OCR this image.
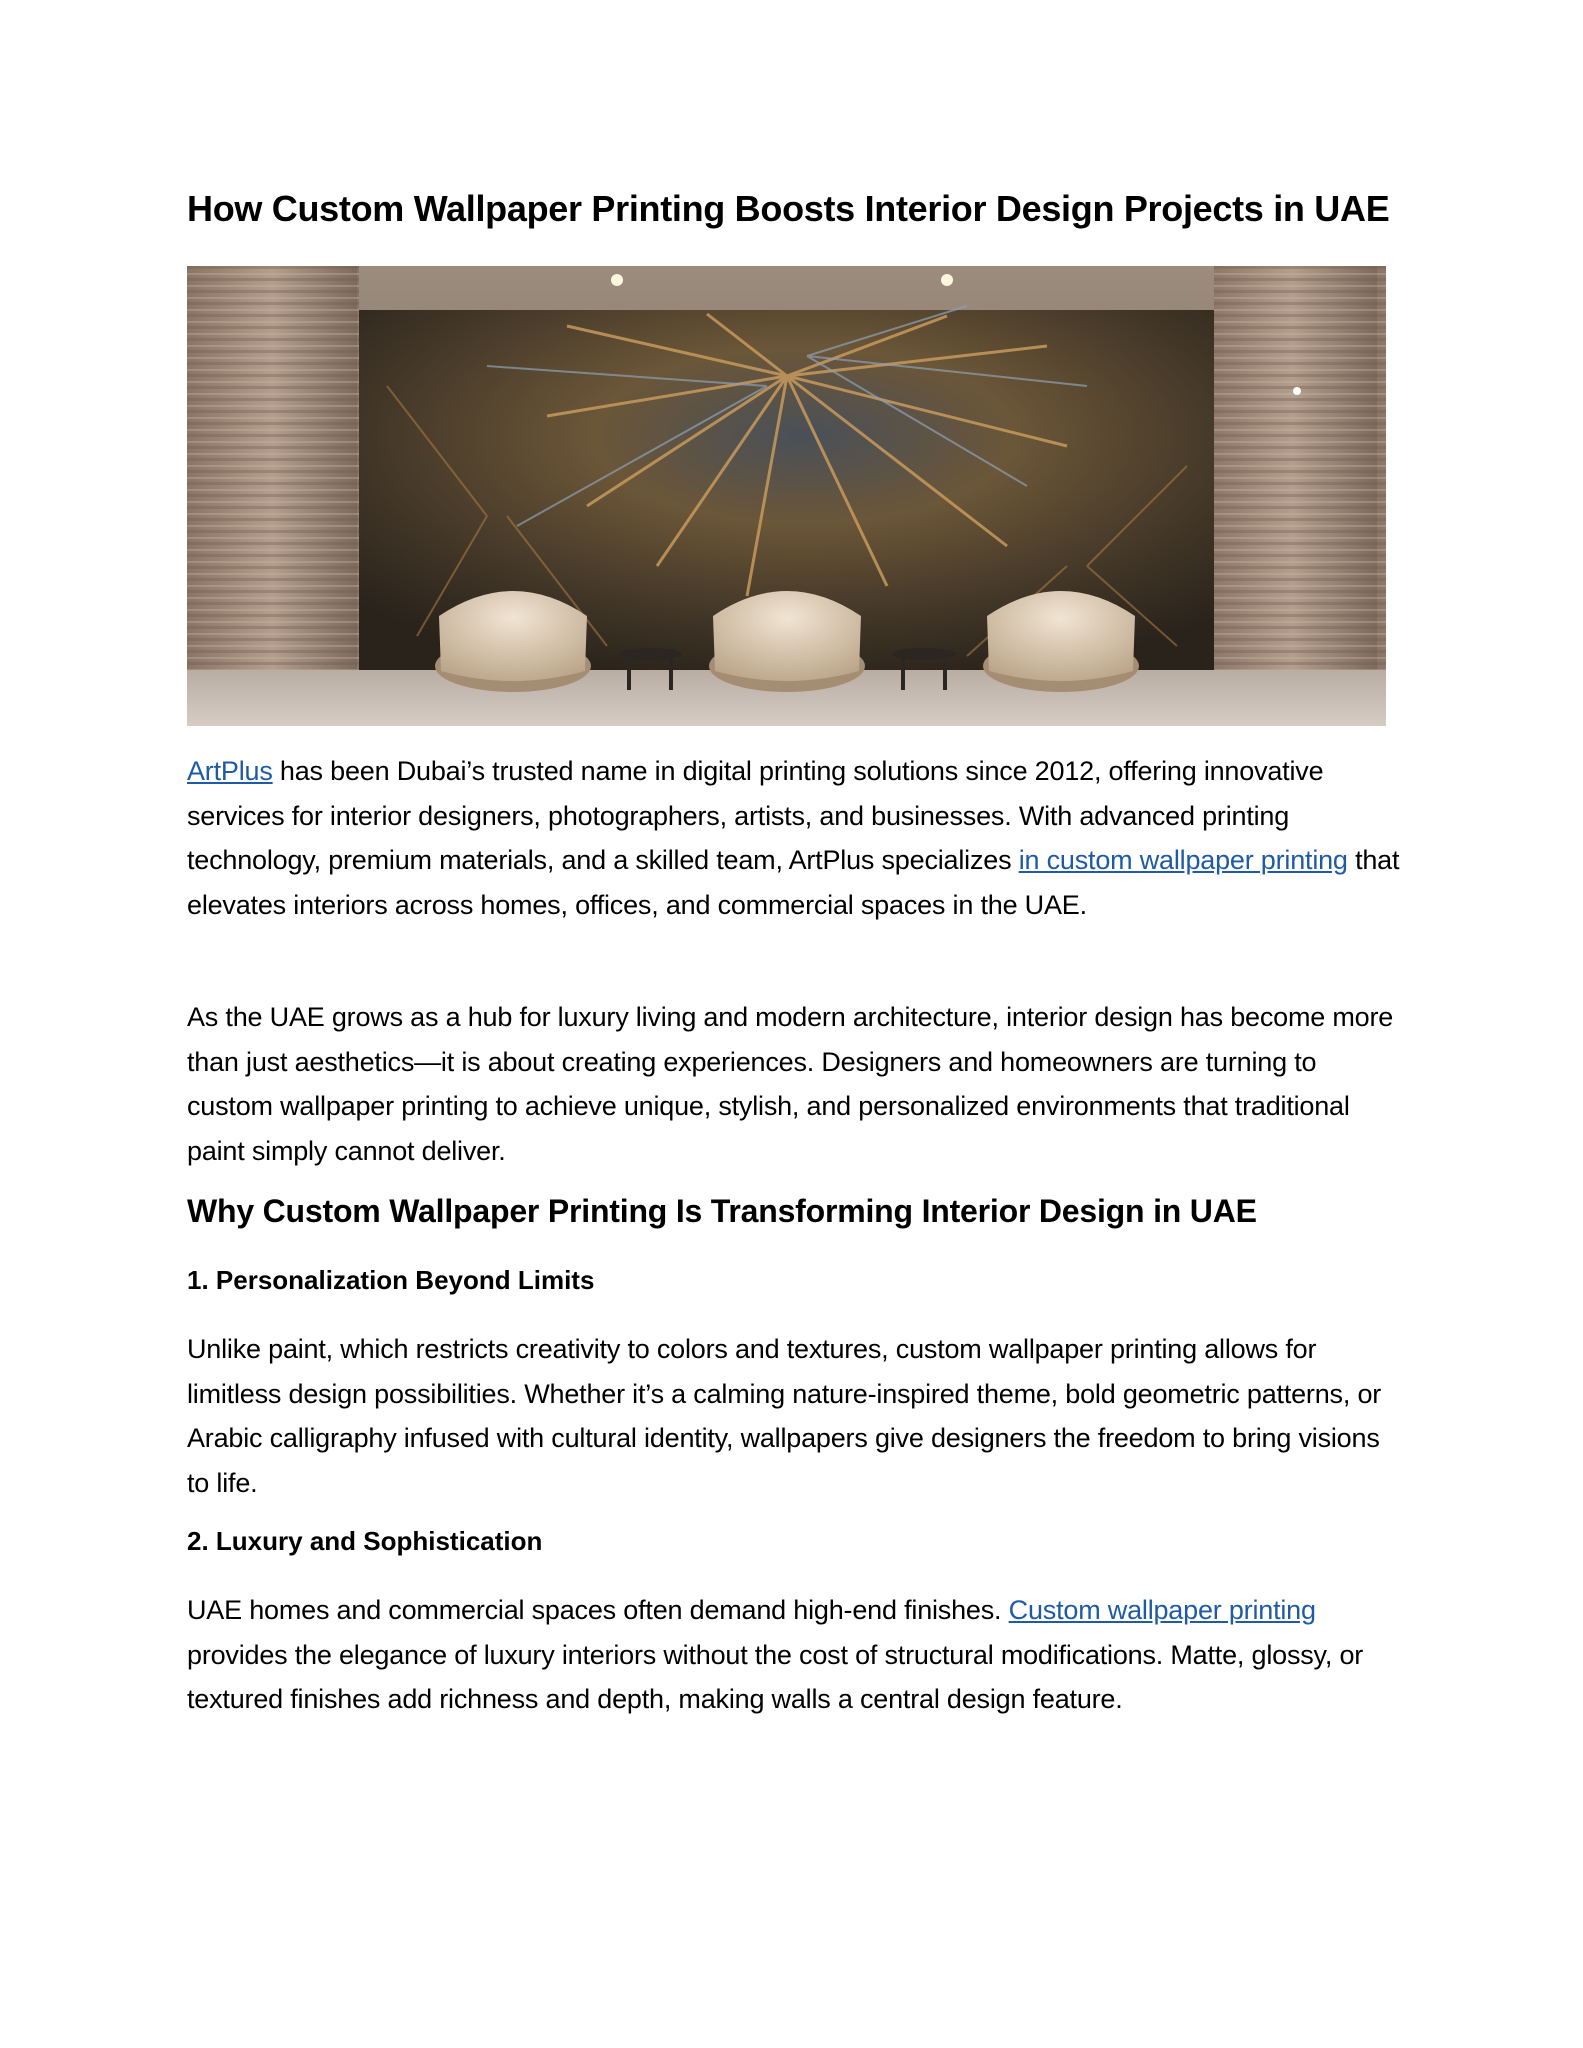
How Custom Wallpaper Printing Boosts Interior Design Projects in UAE

ArtPlus has been Dubai’s trusted name in digital printing solutions since 2012, offering innovative services for interior designers, photographers, artists, and businesses. With advanced printing technology, premium materials, and a skilled team, ArtPlus specializes in custom wallpaper printing that elevates interiors across homes, offices, and commercial spaces in the UAE.

As the UAE grows as a hub for luxury living and modern architecture, interior design has become more than just aesthetics—it is about creating experiences. Designers and homeowners are turning to custom wallpaper printing to achieve unique, stylish, and personalized environments that traditional paint simply cannot deliver.

Why Custom Wallpaper Printing Is Transforming Interior Design in UAE
1. Personalization Beyond Limits

Unlike paint, which restricts creativity to colors and textures, custom wallpaper printing allows for limitless design possibilities. Whether it’s a calming nature-inspired theme, bold geometric patterns, or Arabic calligraphy infused with cultural identity, wallpapers give designers the freedom to bring visions to life.

2. Luxury and Sophistication

UAE homes and commercial spaces often demand high-end finishes. Custom wallpaper printing provides the elegance of luxury interiors without the cost of structural modifications. Matte, glossy, or textured finishes add richness and depth, making walls a central design feature.
